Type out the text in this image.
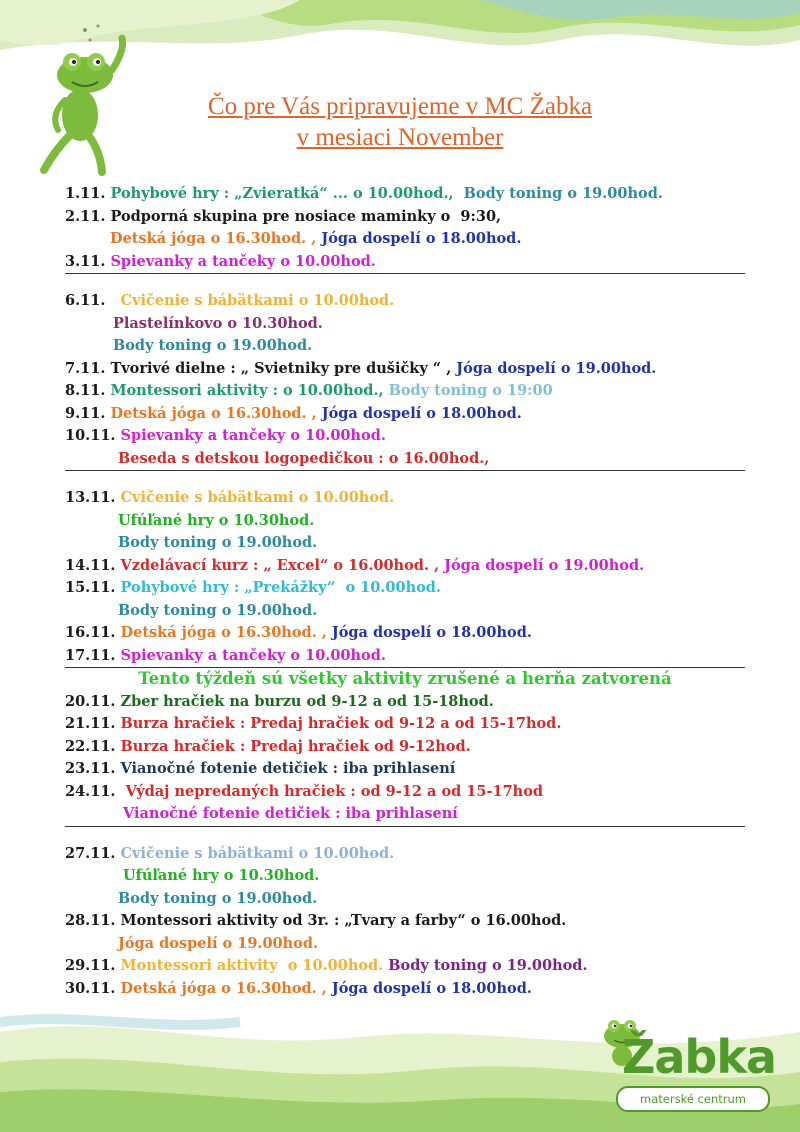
Čo pre Vás pripravujeme v MC Žabka
v mesiaci November
1.11. Pohybové hry : „Zvieratká“ ... o 10.00hod.,  Body toning o 19.00hod.
2.11. Podporná skupina pre nosiace maminky o  9:30,
Detská jóga o 16.30hod. , Jóga dospelí o 18.00hod.
3.11. Spievanky a tančeky o 10.00hod.
6.11.   Cvičenie s bábätkami o 10.00hod.
Plastelínkovo o 10.30hod.
Body toning o 19.00hod.
7.11. Tvorivé dielne : „ Svietniky pre dušičky “ , Jóga dospelí o 19.00hod.
8.11. Montessori aktivity : o 10.00hod., Body toning o 19:00
9.11. Detská jóga o 16.30hod. , Jóga dospelí o 18.00hod.
10.11. Spievanky a tančeky o 10.00hod.
Beseda s detskou logopedičkou : o 16.00hod.,
13.11. Cvičenie s bábätkami o 10.00hod.
Ufúľané hry o 10.30hod.
Body toning o 19.00hod.
14.11. Vzdelávací kurz : „ Excel“ o 16.00hod. , Jóga dospelí o 19.00hod.
15.11. Pohybové hry : „Prekážky“  o 10.00hod.
Body toning o 19.00hod.
16.11. Detská jóga o 16.30hod. , Jóga dospelí o 18.00hod.
17.11. Spievanky a tančeky o 10.00hod.
Tento týždeň sú všetky aktivity zrušené a herňa zatvorená
20.11. Zber hračiek na burzu od 9-12 a od 15-18hod.
21.11. Burza hračiek : Predaj hračiek od 9-12 a od 15-17hod.
22.11. Burza hračiek : Predaj hračiek od 9-12hod.
23.11. Vianočné fotenie detičiek : iba prihlasení
24.11.  Výdaj nepredaných hračiek : od 9-12 a od 15-17hod
Vianočné fotenie detičiek : iba prihlasení
27.11. Cvičenie s bábätkami o 10.00hod.
Ufúľané hry o 10.30hod.
Body toning o 19.00hod.
28.11. Montessori aktivity od 3r. : „Tvary a farby“ o 16.00hod.
Jóga dospelí o 19.00hod.
29.11. Montessori aktivity  o 10.00hod. Body toning o 19.00hod.
30.11. Detská jóga o 16.30hod. , Jóga dospelí o 18.00hod.
Žabka
materské centrum
